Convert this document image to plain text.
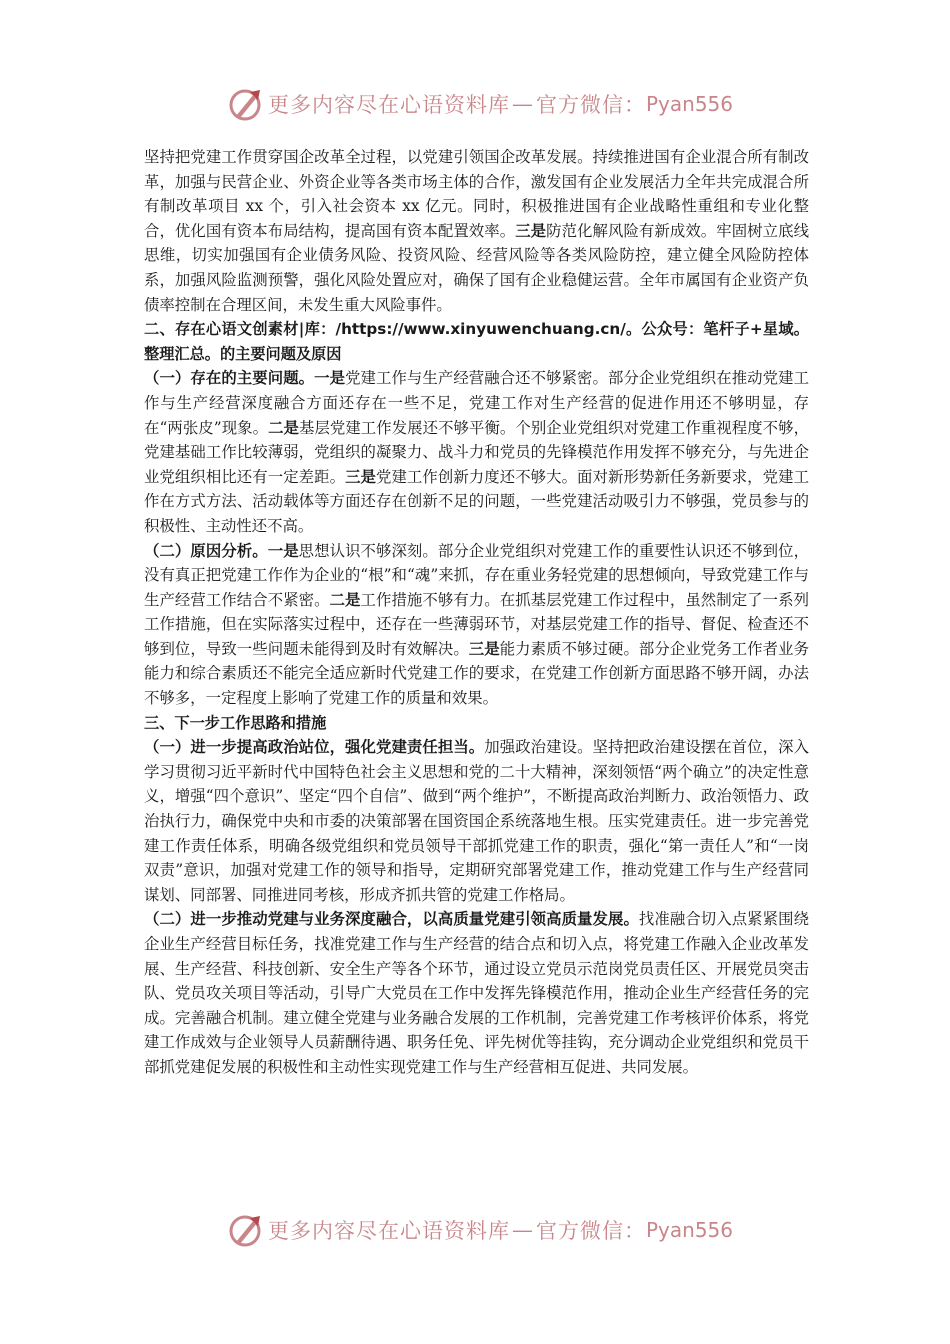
更多内容尽在心语资料库 — 官方微信： Pyan556

坚持把党建工作贯穿国企改革全过程，以党建引领国企改革发展。持续推进国有企业混合所有制改革，加强与民营企业、外资企业等各类市场主体的合作，激发国有企业发展活力全年共完成混合所有制改革项目 xx 个，引入社会资本 xx 亿元。同时，积极推进国有企业战略性重组和专业化整合，优化国有资本布局结构，提高国有资本配置效率。三是防范化解风险有新成效。牢固树立底线思维，切实加强国有企业债务风险、投资风险、经营风险等各类风险防控，建立健全风险防控体系，加强风险监测预警，强化风险处置应对，确保了国有企业稳健运营。全年市属国有企业资产负债率控制在合理区间，未发生重大风险事件。

二、存在心语文创素材|库：/https://www.xinyuwenchuang.cn/。公众号：笔杆子+星域。整理汇总。的主要问题及原因

（一）存在的主要问题。一是党建工作与生产经营融合还不够紧密。部分企业党组织在推动党建工作与生产经营深度融合方面还存在一些不足，党建工作对生产经营的促进作用还不够明显，存在“两张皮”现象。二是基层党建工作发展还不够平衡。个别企业党组织对党建工作重视程度不够，党建基础工作比较薄弱，党组织的凝聚力、战斗力和党员的先锋模范作用发挥不够充分，与先进企业党组织相比还有一定差距。三是党建工作创新力度还不够大。面对新形势新任务新要求，党建工作在方式方法、活动载体等方面还存在创新不足的问题，一些党建活动吸引力不够强，党员参与的积极性、主动性还不高。

（二）原因分析。一是思想认识不够深刻。部分企业党组织对党建工作的重要性认识还不够到位，没有真正把党建工作作为企业的“根”和“魂”来抓，存在重业务轻党建的思想倾向，导致党建工作与生产经营工作结合不紧密。二是工作措施不够有力。在抓基层党建工作过程中，虽然制定了一系列工作措施，但在实际落实过程中，还存在一些薄弱环节，对基层党建工作的指导、督促、检查还不够到位，导致一些问题未能得到及时有效解决。三是能力素质不够过硬。部分企业党务工作者业务能力和综合素质还不能完全适应新时代党建工作的要求，在党建工作创新方面思路不够开阔，办法不够多，一定程度上影响了党建工作的质量和效果。

三、下一步工作思路和措施

（一）进一步提高政治站位，强化党建责任担当。加强政治建设。坚持把政治建设摆在首位，深入学习贯彻习近平新时代中国特色社会主义思想和党的二十大精神，深刻领悟“两个确立”的决定性意义，增强“四个意识”、坚定“四个自信”、做到“两个维护”，不断提高政治判断力、政治领悟力、政治执行力，确保党中央和市委的决策部署在国资国企系统落地生根。压实党建责任。进一步完善党建工作责任体系，明确各级党组织和党员领导干部抓党建工作的职责，强化“第一责任人”和“一岗双责”意识，加强对党建工作的领导和指导，定期研究部署党建工作，推动党建工作与生产经营同谋划、同部署、同推进同考核，形成齐抓共管的党建工作格局。

（二）进一步推动党建与业务深度融合，以高质量党建引领高质量发展。找准融合切入点紧紧围绕企业生产经营目标任务，找准党建工作与生产经营的结合点和切入点，将党建工作融入企业改革发展、生产经营、科技创新、安全生产等各个环节，通过设立党员示范岗党员责任区、开展党员突击队、党员攻关项目等活动，引导广大党员在工作中发挥先锋模范作用，推动企业生产经营任务的完成。完善融合机制。建立健全党建与业务融合发展的工作机制，完善党建工作考核评价体系，将党建工作成效与企业领导人员薪酬待遇、职务任免、评先树优等挂钩，充分调动企业党组织和党员干部抓党建促发展的积极性和主动性实现党建工作与生产经营相互促进、共同发展。

更多内容尽在心语资料库 — 官方微信： Pyan556
